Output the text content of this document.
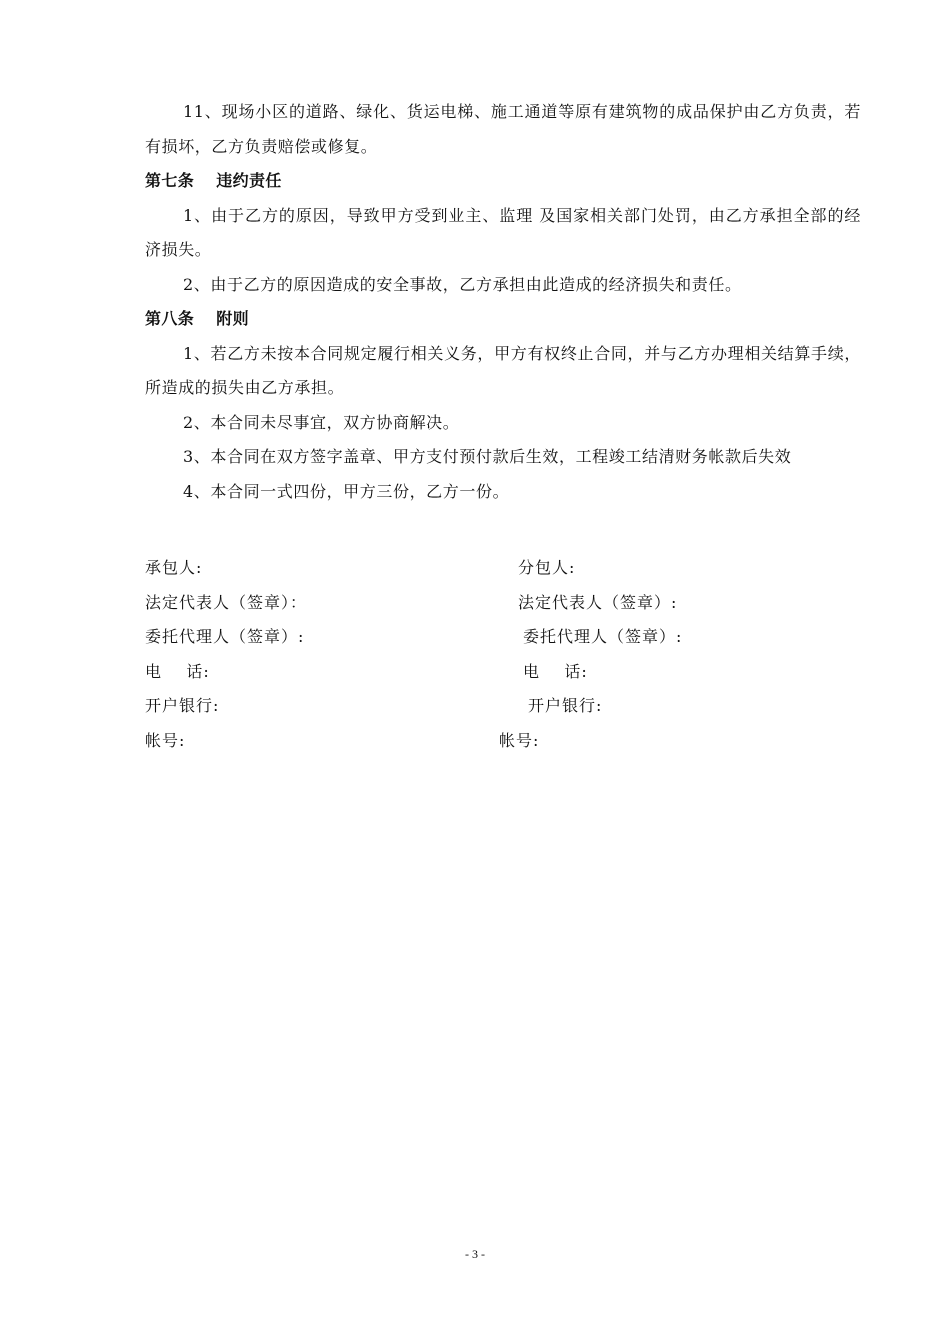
11、现场小区的道路、绿化、货运电梯、施工通道等原有建筑物的成品保护由乙方负责，若有损坏，乙方负责赔偿或修复。

第七条 违约责任

1、由于乙方的原因，导致甲方受到业主、监理 及国家相关部门处罚，由乙方承担全部的经济损失。

2、由于乙方的原因造成的安全事故，乙方承担由此造成的经济损失和责任。

第八条 附则

1、若乙方未按本合同规定履行相关义务，甲方有权终止合同，并与乙方办理相关结算手续，所造成的损失由乙方承担。

2、本合同未尽事宜，双方协商解决。

3、本合同在双方签字盖章、甲方支付预付款后生效，工程竣工结清财务帐款后失效

4、本合同一式四份，甲方三份，乙方一份。

承包人:	分包人:
法定代表人（签章）：	法定代表人（签章）:
委托代理人（签章）:	委托代理人（签章）:
电    话:	电    话:
开户银行:	开户银行:
帐号:	帐号:
- 3 -
